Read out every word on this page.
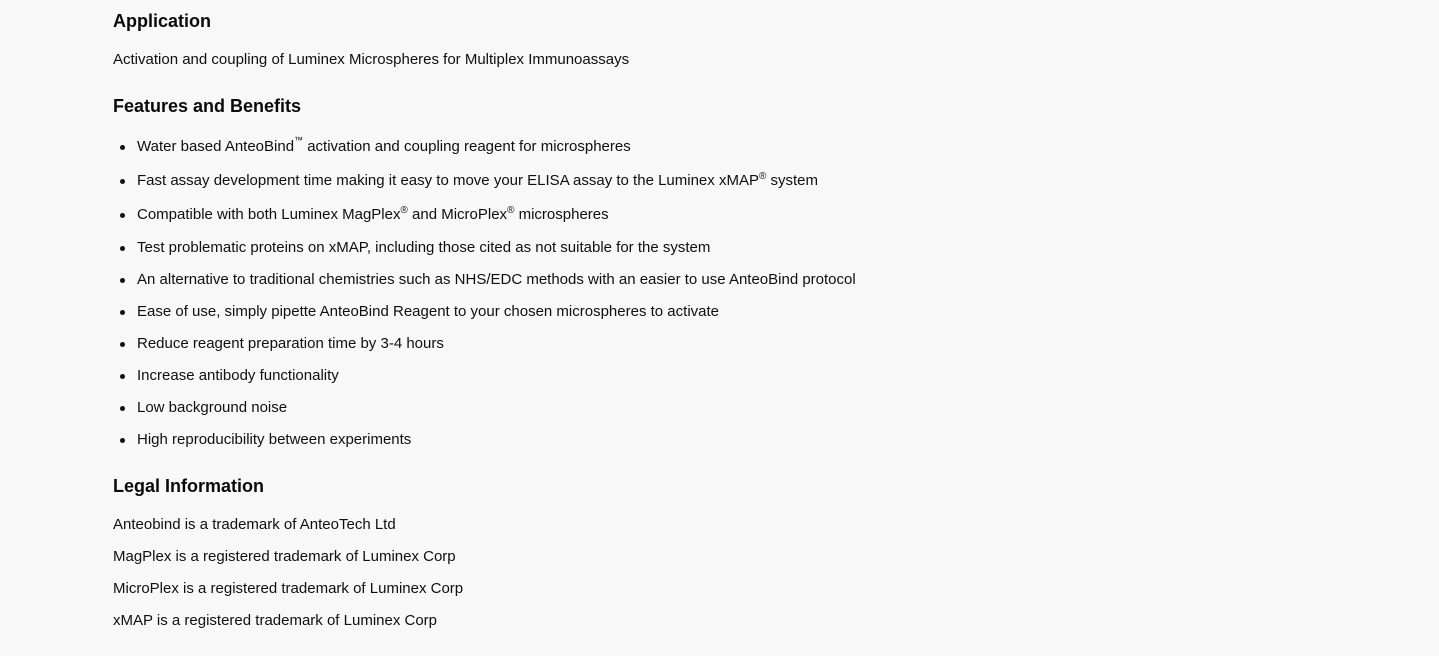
Application

Activation and coupling of Luminex Microspheres for Multiplex Immunoassays

Features and Benefits
Water based AnteoBind™ activation and coupling reagent for microspheres
Fast assay development time making it easy to move your ELISA assay to the Luminex xMAP® system
Compatible with both Luminex MagPlex® and MicroPlex® microspheres
Test problematic proteins on xMAP, including those cited as not suitable for the system
An alternative to traditional chemistries such as NHS/EDC methods with an easier to use AnteoBind protocol
Ease of use, simply pipette AnteoBind Reagent to your chosen microspheres to activate
Reduce reagent preparation time by 3-4 hours
Increase antibody functionality
Low background noise
High reproducibility between experiments
Legal Information

Anteobind is a trademark of AnteoTech Ltd

MagPlex is a registered trademark of Luminex Corp

MicroPlex is a registered trademark of Luminex Corp

xMAP is a registered trademark of Luminex Corp
